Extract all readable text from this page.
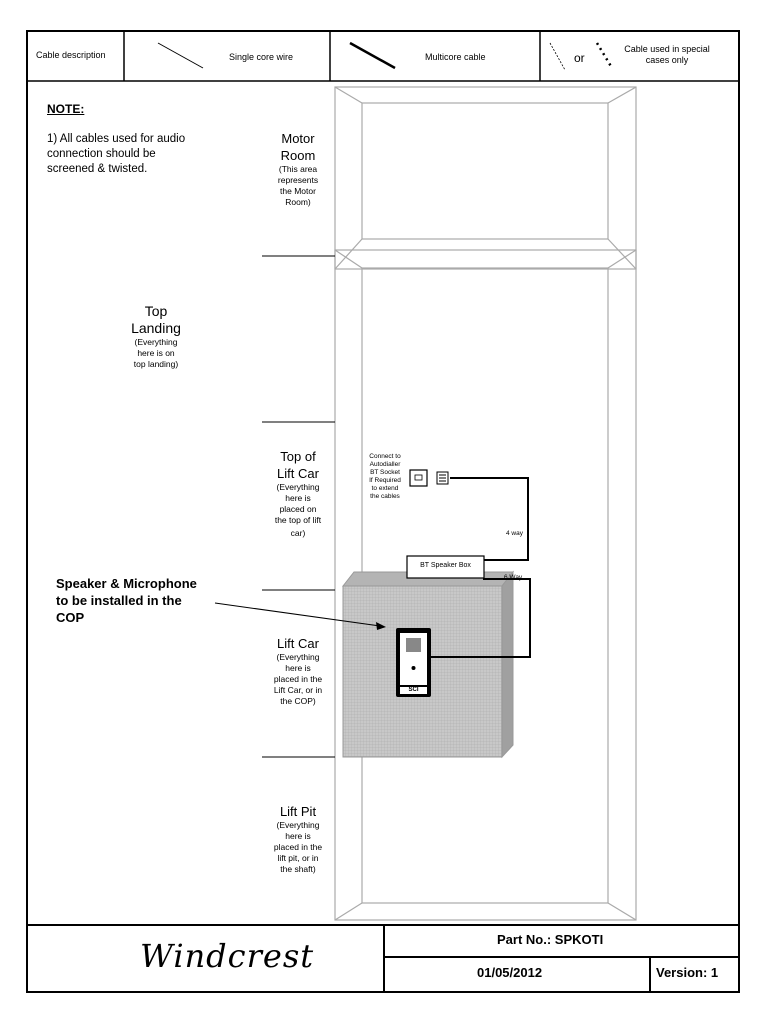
Cable description	Single core wire	Multicore cable	or
Cable used in special
cases only
NOTE:
1) All cables used for audio
connection should be
screened & twisted.
Motor
Room
(This area
represents
the Motor
Room)
Top
Landing
(Everything
here is on
top landing)
Top of
Lift Car
(Everything
here is
placed on
the top of lift
car)
Lift Car
(Everything
here is
placed in the
Lift Car, or in
the COP)
Lift Pit
(Everything
here is
placed in the
lift pit, or in
the shaft)
Speaker & Microphone
to be installed in the
COP
Connect to
Autodialler
BT Socket
If Required
to extend
the cables
BT Speaker Box
4 way
6 Way
SCI
Windcrest	Part No.: SPKOTI
01/05/2012	Version: 1
